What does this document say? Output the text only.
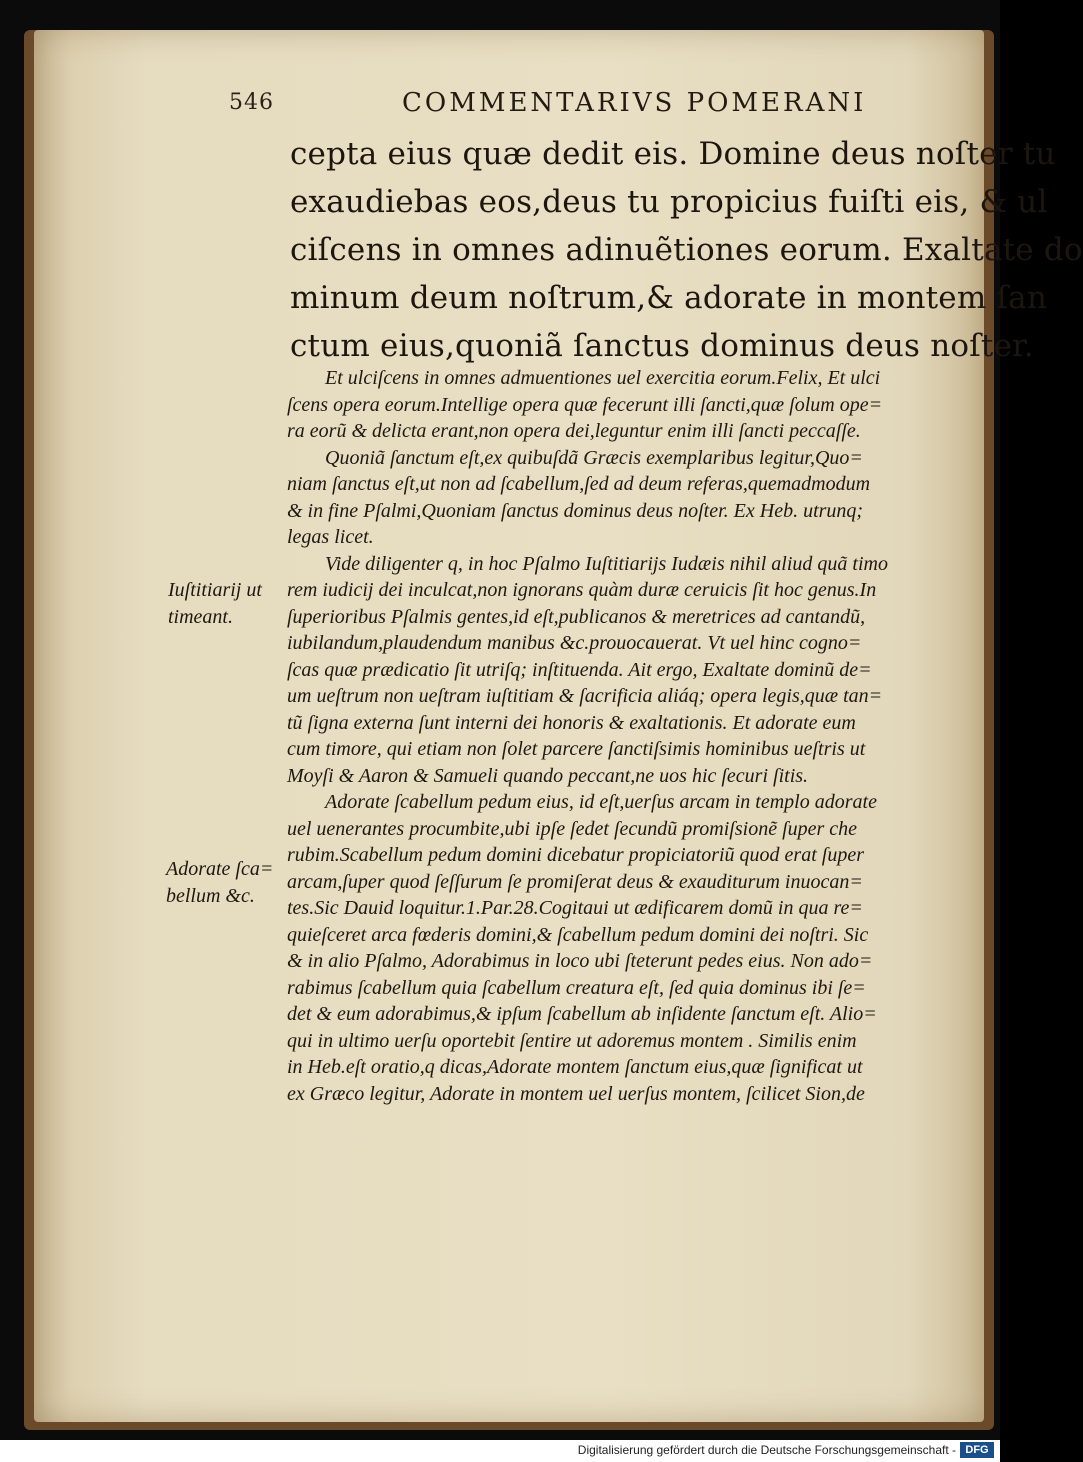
546	COMMENTARIVS POMERANI
cepta eius quæ dedit eis. Domine deus noſter tu
exaudiebas eos,deus tu propicius fuiſti eis, & ul
ciſcens in omnes adinuẽtiones eorum. Exaltate do
minum deum noſtrum,& adorate in montem ſan
ctum eius,quoniã ſanctus dominus deus noſter.
Et ulciſcens in omnes admuentiones uel exercitia eorum.Felix, Et ulci
ſcens opera eorum.Intellige opera quæ fecerunt illi ſancti,quæ ſolum ope=
ra eorũ & delicta erant,non opera dei,leguntur enim illi ſancti peccaſſe.
Quoniã ſanctum eſt,ex quibuſdã Græcis exemplaribus legitur,Quo=
niam ſanctus eſt,ut non ad ſcabellum,ſed ad deum referas,quemadmodum
& in fine Pſalmi,Quoniam ſanctus dominus deus noſter. Ex Heb. utrunq;
legas licet.
Vide diligenter q, in hoc Pſalmo Iuſtitiarijs Iudæis nihil aliud quã timo
rem iudicij dei inculcat,non ignorans quàm duræ ceruicis ſit hoc genus.In
ſuperioribus Pſalmis gentes,id eſt,publicanos & meretrices ad cantandũ,
iubilandum,plaudendum manibus &c.prouocauerat. Vt uel hinc cogno=
ſcas quæ prædicatio ſit utriſq; inſtituenda. Ait ergo, Exaltate dominũ de=
um ueſtrum non ueſtram iuſtitiam & ſacrificia aliáq; opera legis,quæ tan=
tũ ſigna externa ſunt interni dei honoris & exaltationis. Et adorate eum
cum timore, qui etiam non ſolet parcere ſanctiſsimis hominibus ueſtris ut
Moyſi & Aaron & Samueli quando peccant,ne uos hic ſecuri ſitis.
Adorate ſcabellum pedum eius, id eſt,uerſus arcam in templo adorate
uel uenerantes procumbite,ubi ipſe ſedet ſecundũ promiſsionẽ ſuper che
rubim.Scabellum pedum domini dicebatur propiciatoriũ quod erat ſuper
arcam,ſuper quod ſeſſurum ſe promiſerat deus & exauditurum inuocan=
tes.Sic Dauid loquitur.1.Par.28.Cogitaui ut ædificarem domũ in qua re=
quieſceret arca fœderis domini,& ſcabellum pedum domini dei noſtri. Sic
& in alio Pſalmo, Adorabimus in loco ubi ſteterunt pedes eius. Non ado=
rabimus ſcabellum quia ſcabellum creatura eſt, ſed quia dominus ibi ſe=
det & eum adorabimus,& ipſum ſcabellum ab inſidente ſanctum eſt. Alio=
qui in ultimo uerſu oportebit ſentire ut adoremus montem . Similis enim
in Heb.eſt oratio,q dicas,Adorate montem ſanctum eius,quæ ſignificat ut
ex Græco legitur, Adorate in montem uel uerſus montem, ſcilicet Sion,de
Iuſtitiarij ut
timeant.
Adorate ſca=
bellum &c.
Digitalisierung gefördert durch die Deutsche Forschungsgemeinschaft - DFG
